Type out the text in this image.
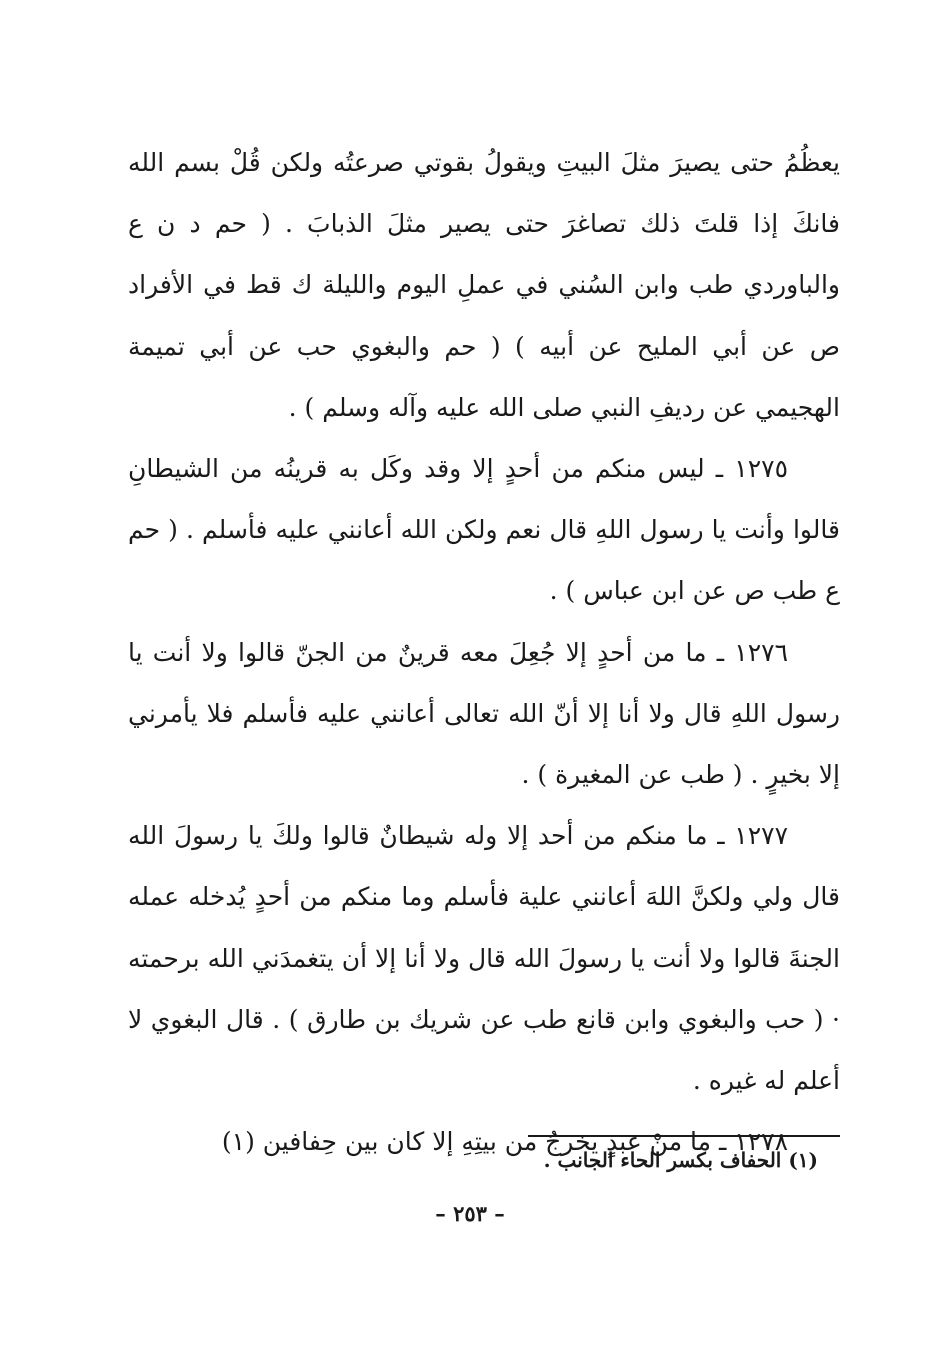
يعظُمُ حتى يصيرَ مثلَ البيتِ ويقولُ بقوتي صرعتُه ولكن قُلْ بسم الله فانكَ إذا قلتَ ذلك تصاغرَ حتى يصير مثلَ الذبابَ . ( حم د ن ع والباوردي طب وابن السُني في عملِ اليوم والليلة ك قط في الأفراد ص عن أبي المليح عن أبيه ) ( حم والبغوي حب عن أبي تميمة الهجيمي عن رديفِ النبي صلى الله عليه وآله وسلم ) .

١٢٧٥ ـ ليس منكم من أحدٍ إلا وقد وكَل به قرينُه من الشيطانِ قالوا وأنت يا رسول اللهِ قال نعم ولكن الله أعانني عليه فأسلم . ( حم ع طب ص عن ابن عباس ) .

١٢٧٦ ـ ما من أحدٍ إلا جُعِلَ معه قرينٌ من الجنّ قالوا ولا أنت يا رسول اللهِ قال ولا أنا إلا أنّ الله تعالى أعانني عليه فأسلم فلا يأمرني إلا بخيرٍ . ( طب عن المغيرة ) .

١٢٧٧ ـ ما منكم من أحد إلا وله شيطانٌ قالوا ولكَ يا رسولَ الله قال ولي ولكنَّ اللهَ أعانني علية فأسلم وما منكم من أحدٍ يُدخله عمله الجنةَ قالوا ولا أنت يا رسولَ الله قال ولا أنا إلا أن يتغمدَني الله برحمته · ( حب والبغوي وابن قانع طب عن شريك بن طارق ) . قال البغوي لا أعلم له غيره .

١٢٧٨ ـ ما منْ عبدٍ يخرجُ من بيتِهِ إلا كان بين حِفافين (١)

(١) الحفاف بكسر الحاء الجانب .
– ٢٥٣ –
